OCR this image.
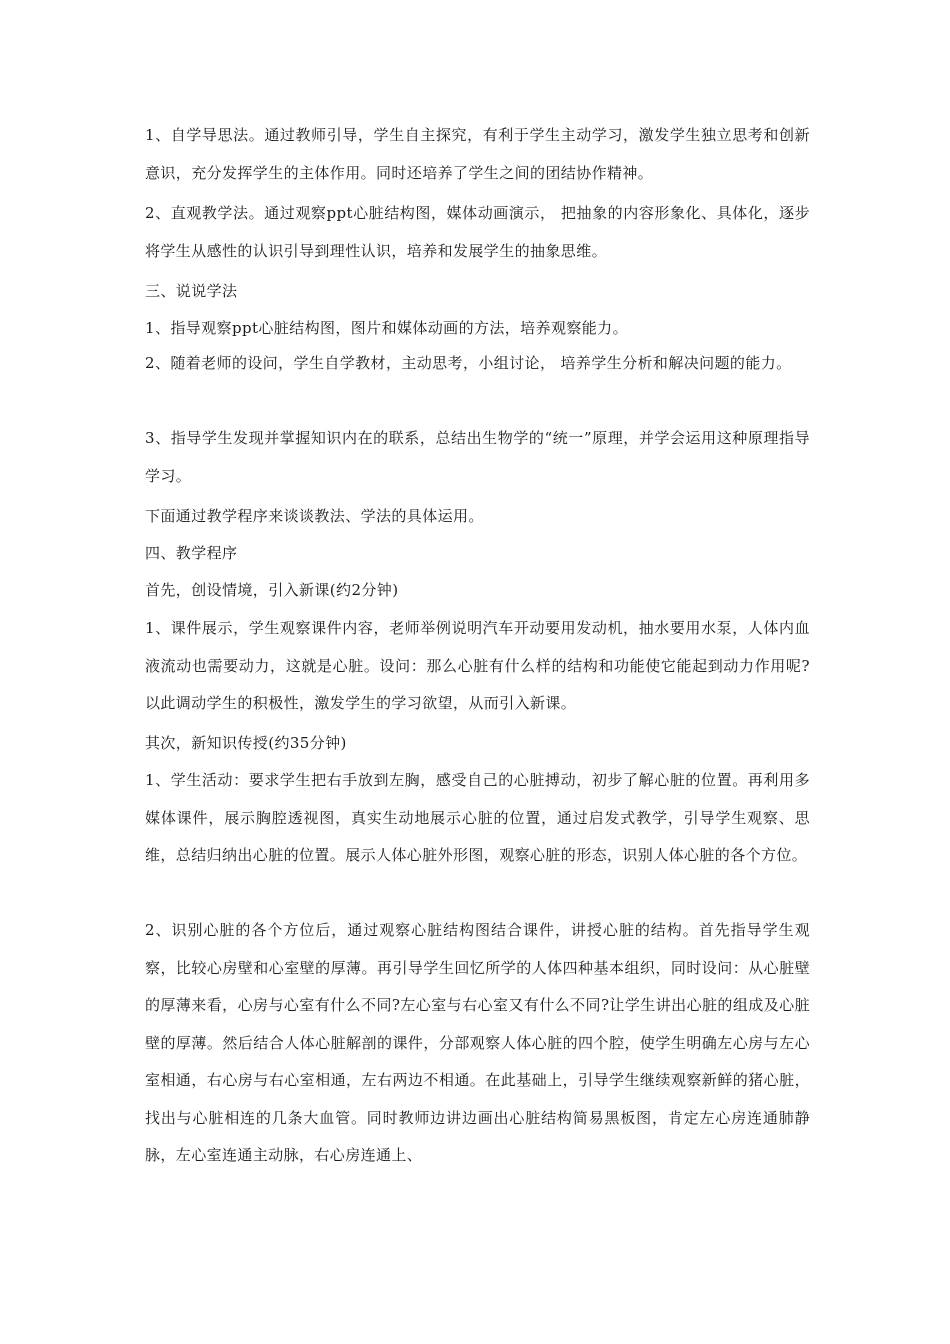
1、自学导思法。通过教师引导，学生自主探究，有利于学生主动学习，激发学生独立思考和创新意识，充分发挥学生的主体作用。同时还培养了学生之间的团结协作精神。

2、直观教学法。通过观察ppt心脏结构图，媒体动画演示， 把抽象的内容形象化、具体化，逐步将学生从感性的认识引导到理性认识，培养和发展学生的抽象思维。

三、说说学法

1、指导观察ppt心脏结构图，图片和媒体动画的方法，培养观察能力。

2、随着老师的设问，学生自学教材，主动思考，小组讨论， 培养学生分析和解决问题的能力。

3、指导学生发现并掌握知识内在的联系，总结出生物学的“统一”原理，并学会运用这种原理指导学习。

下面通过教学程序来谈谈教法、学法的具体运用。

四、教学程序

首先，创设情境，引入新课(约2分钟)

1、课件展示，学生观察课件内容，老师举例说明汽车开动要用发动机，抽水要用水泵，人体内血液流动也需要动力，这就是心脏。设问：那么心脏有什么样的结构和功能使它能起到动力作用呢?以此调动学生的积极性，激发学生的学习欲望，从而引入新课。

其次，新知识传授(约35分钟)

1、学生活动：要求学生把右手放到左胸，感受自己的心脏搏动，初步了解心脏的位置。再利用多媒体课件，展示胸腔透视图，真实生动地展示心脏的位置，通过启发式教学，引导学生观察、思维，总结归纳出心脏的位置。展示人体心脏外形图，观察心脏的形态，识别人体心脏的各个方位。

2、识别心脏的各个方位后，通过观察心脏结构图结合课件，讲授心脏的结构。首先指导学生观察，比较心房壁和心室壁的厚薄。再引导学生回忆所学的人体四种基本组织，同时设问：从心脏壁的厚薄来看，心房与心室有什么不同?左心室与右心室又有什么不同?让学生讲出心脏的组成及心脏壁的厚薄。然后结合人体心脏解剖的课件，分部观察人体心脏的四个腔，使学生明确左心房与左心室相通，右心房与右心室相通，左右两边不相通。在此基础上，引导学生继续观察新鲜的猪心脏，找出与心脏相连的几条大血管。同时教师边讲边画出心脏结构简易黑板图，肯定左心房连通肺静脉，左心室连通主动脉，右心房连通上、
